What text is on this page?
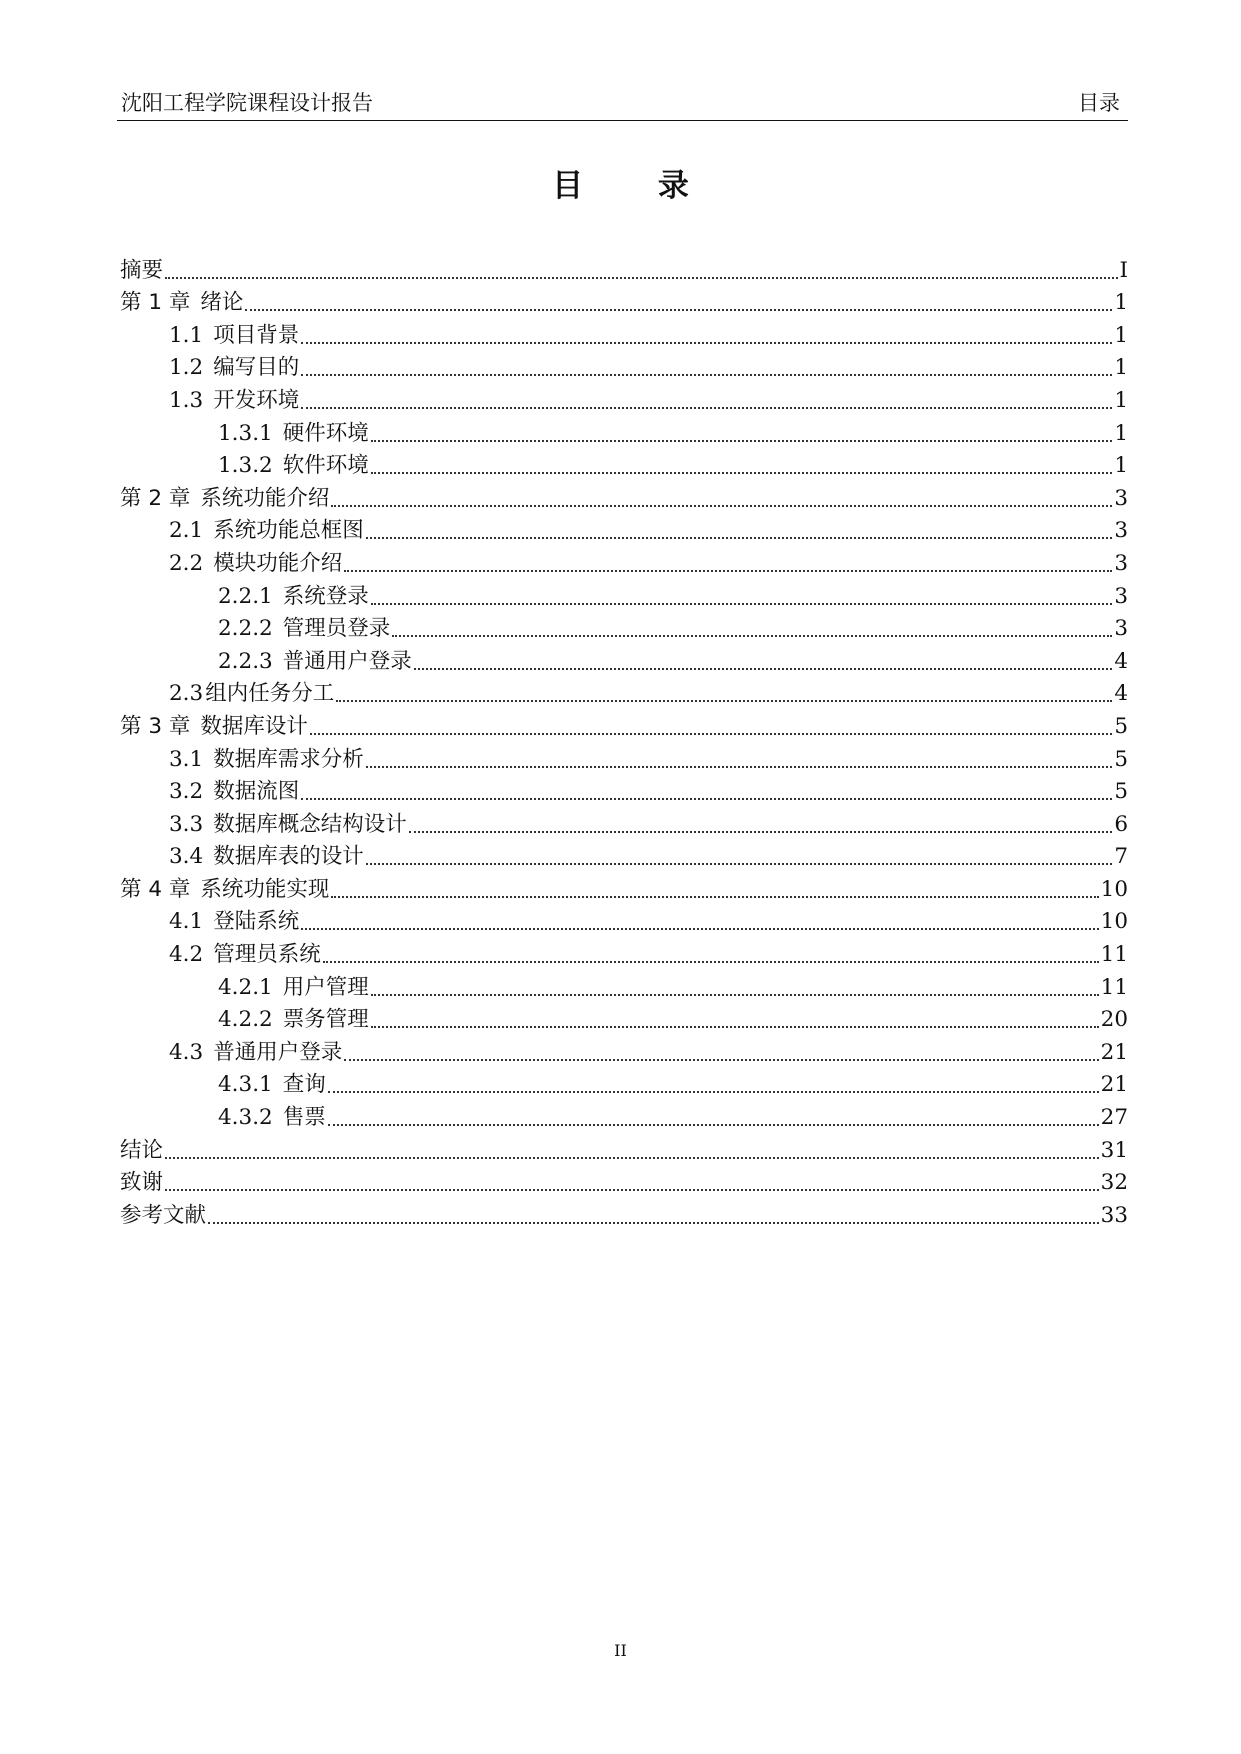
沈阳工程学院课程设计报告	目录
目 录
摘要	I
第 1 章 绪论	1
1.1 项目背景	1
1.2 编写目的	1
1.3 开发环境	1
1.3.1 硬件环境	1
1.3.2 软件环境	1
第 2 章 系统功能介绍	3
2.1 系统功能总框图	3
2.2 模块功能介绍	3
2.2.1 系统登录	3
2.2.2 管理员登录	3
2.2.3 普通用户登录	4
2.3组内任务分工	4
第 3 章 数据库设计	5
3.1 数据库需求分析	5
3.2 数据流图	5
3.3 数据库概念结构设计	6
3.4 数据库表的设计	7
第 4 章 系统功能实现	10
4.1 登陆系统	10
4.2 管理员系统	11
4.2.1 用户管理	11
4.2.2 票务管理	20
4.3 普通用户登录	21
4.3.1 查询	21
4.3.2 售票	27
结论	31
致谢	32
参考文献	33
II
